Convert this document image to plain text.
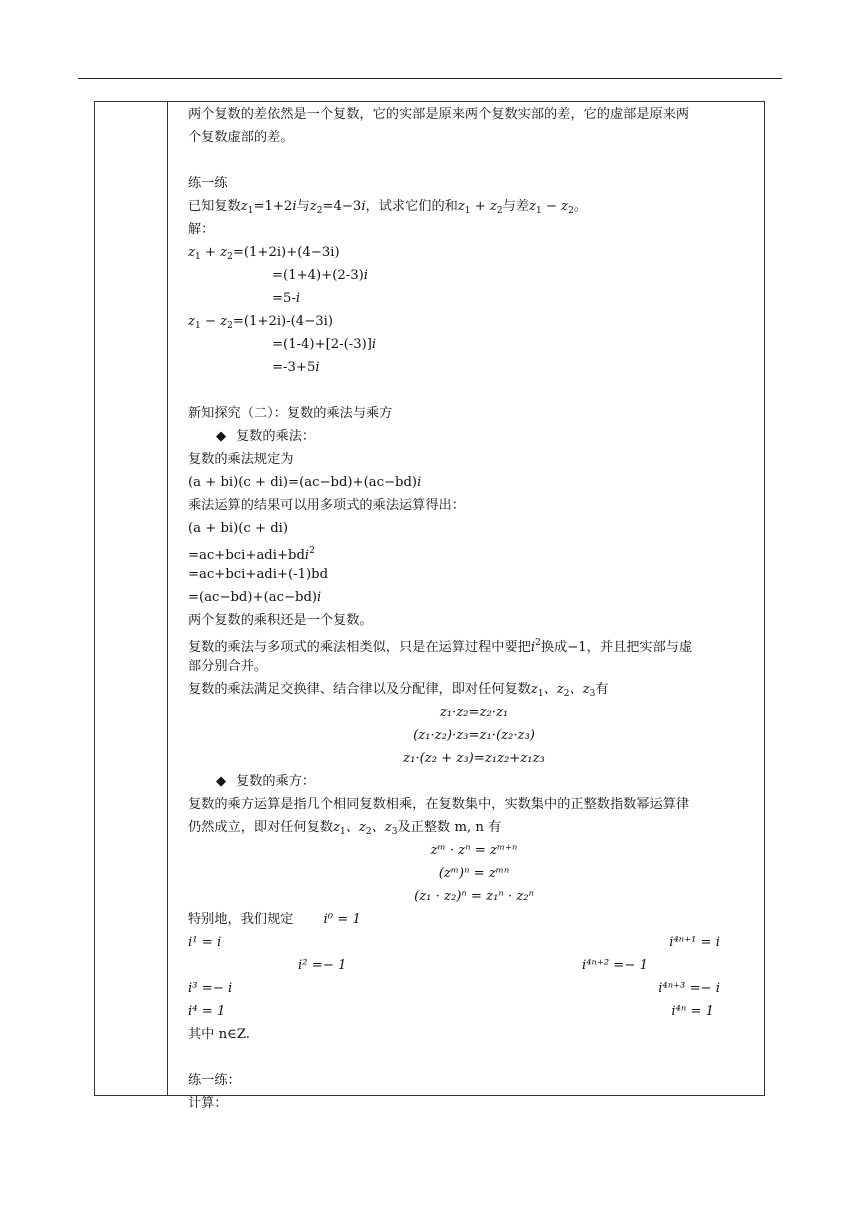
两个复数的差依然是一个复数，它的实部是原来两个复数实部的差，它的虚部是原来两
个复数虚部的差。
练一练
已知复数$z_1=1+2i$与$z_2=4-3i$，试求它们的和$z_1 + z_2$与差$z_1 - z_2$。
解：
$z_1 + z_2=(1+2i)+(4-3i)$
=(1+4)+(2-3)i
=5-i
$z_1 - z_2=(1+2i)-(4-3i)$
=(1-4)+[2-(-3)]i
=-3+5i
新知探究（二）：复数的乘法与乘方
◆ 复数的乘法：
复数的乘法规定为
(a + bi)(c + di)=(ac−bd)+(ac−bd)i
乘法运算的结果可以用多项式的乘法运算得出：
(a + bi)(c + di)
=ac+bci+adi+bdi$^2$
=ac+bci+adi+(-1)bd
=(ac−bd)+(ac−bd)i
两个复数的乘积还是一个复数。
复数的乘法与多项式的乘法相类似，只是在运算过程中要把$i^2$换成−1，并且把实部与虚
部分别合并。
复数的乘法满足交换律、结合律以及分配律，即对任何复数$z_1$、$z_2$、$z_3$有
z₁·z₂=z₂·z₁
(z₁·z₂)·z₃=z₁·(z₂·z₃)
z₁·(z₂ + z₃)=z₁z₂+z₁z₃
◆ 复数的乘方：
复数的乘方运算是指几个相同复数相乘，在复数集中，实数集中的正整数指数幂运算律
仍然成立，即对任何复数$z_1$、$z_2$、$z_3$及正整数 m, n 有
zᵐ · zⁿ = zᵐ⁺ⁿ
(zᵐ)ⁿ = zᵐⁿ
(z₁ · z₂)ⁿ = z₁ⁿ · z₂ⁿ
特别地，我们规定 i⁰ = 1
i¹ = i	i⁴ⁿ⁺¹ = i
i² =− 1	i⁴ⁿ⁺² =− 1
i³ =− i	i⁴ⁿ⁺³ =− i
i⁴ = 1	i⁴ⁿ = 1
其中 n∈Z.
练一练：
计算：
